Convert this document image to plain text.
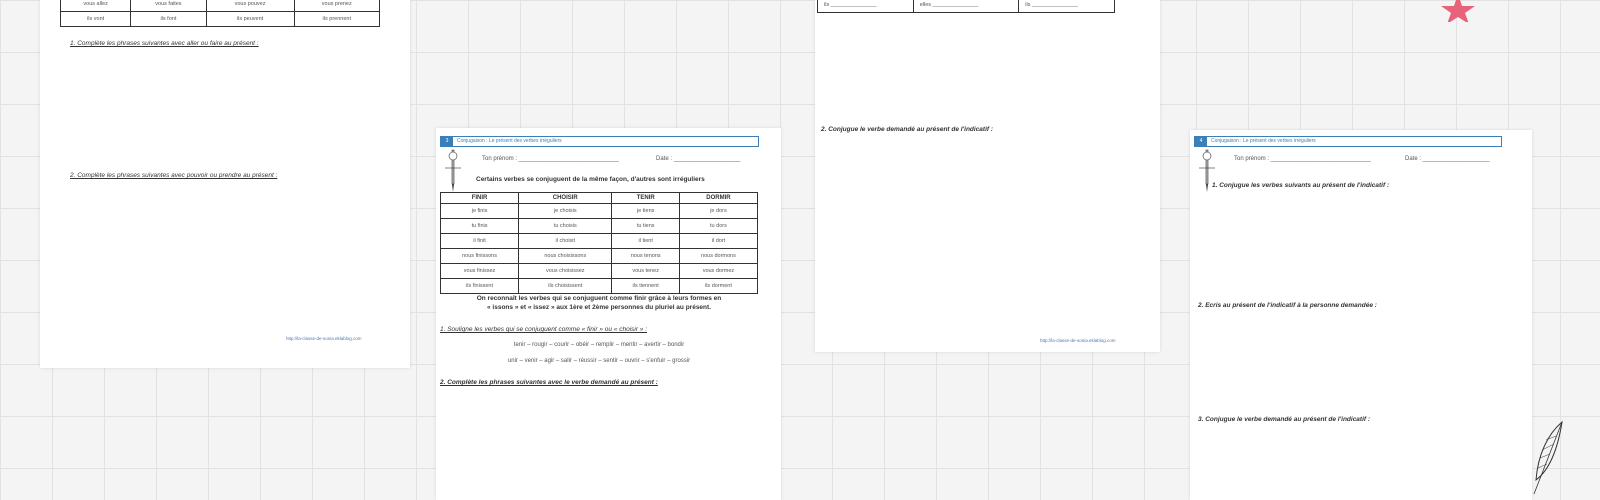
vous allez	vous faites	vous pouvez	vous prenez
ils vont	ils font	ils peuvent	ils prennent
1. Complète les phrases suivantes avec aller ou faire au présent :
2. Complète les phrases suivantes avec pouvoir ou prendre au présent :
http://la-classe-de-sonia.eklablog.com
3	Conjugaison : Le présent des verbes irréguliers
Ton prénom : ______________________________	Date : ____________________
Certains verbes se conjuguent de la même façon, d'autres sont irréguliers
FINIR	CHOISIR	TENIR	DORMIR
je finis	je choisis	je tiens	je dors
tu finis	tu choisis	tu tiens	tu dors
il finit	il choisit	il tient	il dort
nous finissons	nous choisissons	nous tenons	nous dormons
vous finissez	vous choisissez	vous tenez	vous dormez
ils finissent	ils choisissent	ils tiennent	ils dorment
On reconnaît les verbes qui se conjuguent comme finir grâce à leurs formes en
« issons » et « issez » aux 1ère et 2ème personnes du pluriel au présent.
1. Souligne les verbes qui se conjuguent comme « finir » ou « choisir » :
tenir – rougir – courir – obéir – remplir – mentir – avertir – bondir
unir – venir – agir – salir – réussir – sentir – ouvrir – s'enfuir – grossir
2. Complète les phrases suivantes avec le verbe demandé au présent :
ils _______________	elles _______________	ils _______________
2. Conjugue le verbe demandé au présent de l'indicatif :
http://la-classe-de-sonia.eklablog.com
4	Conjugaison : Le présent des verbes irréguliers
Ton prénom : ______________________________	Date : ____________________
1. Conjugue les verbes suivants au présent de l'indicatif :
2. Ecris au présent de l'indicatif à la personne demandée :
3. Conjugue le verbe demandé au présent de l'indicatif :
